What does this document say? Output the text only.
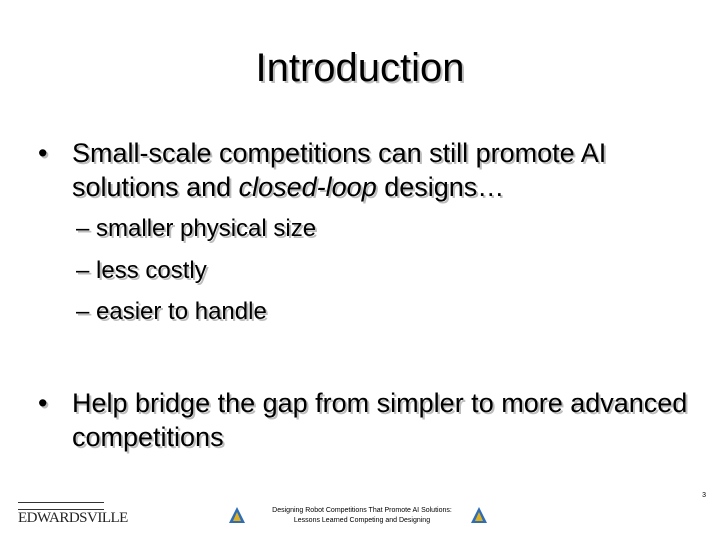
Introduction
• Small-scale competitions can still promote AI solutions and closed-loop designs…
– smaller physical size
– less costly
– easier to handle
• Help bridge the gap from simpler to more advanced competitions
EDWARDSVILLE	Designing Robot Competitions That Promote AI Solutions:
Lessons Learned Competing and Designing
3
